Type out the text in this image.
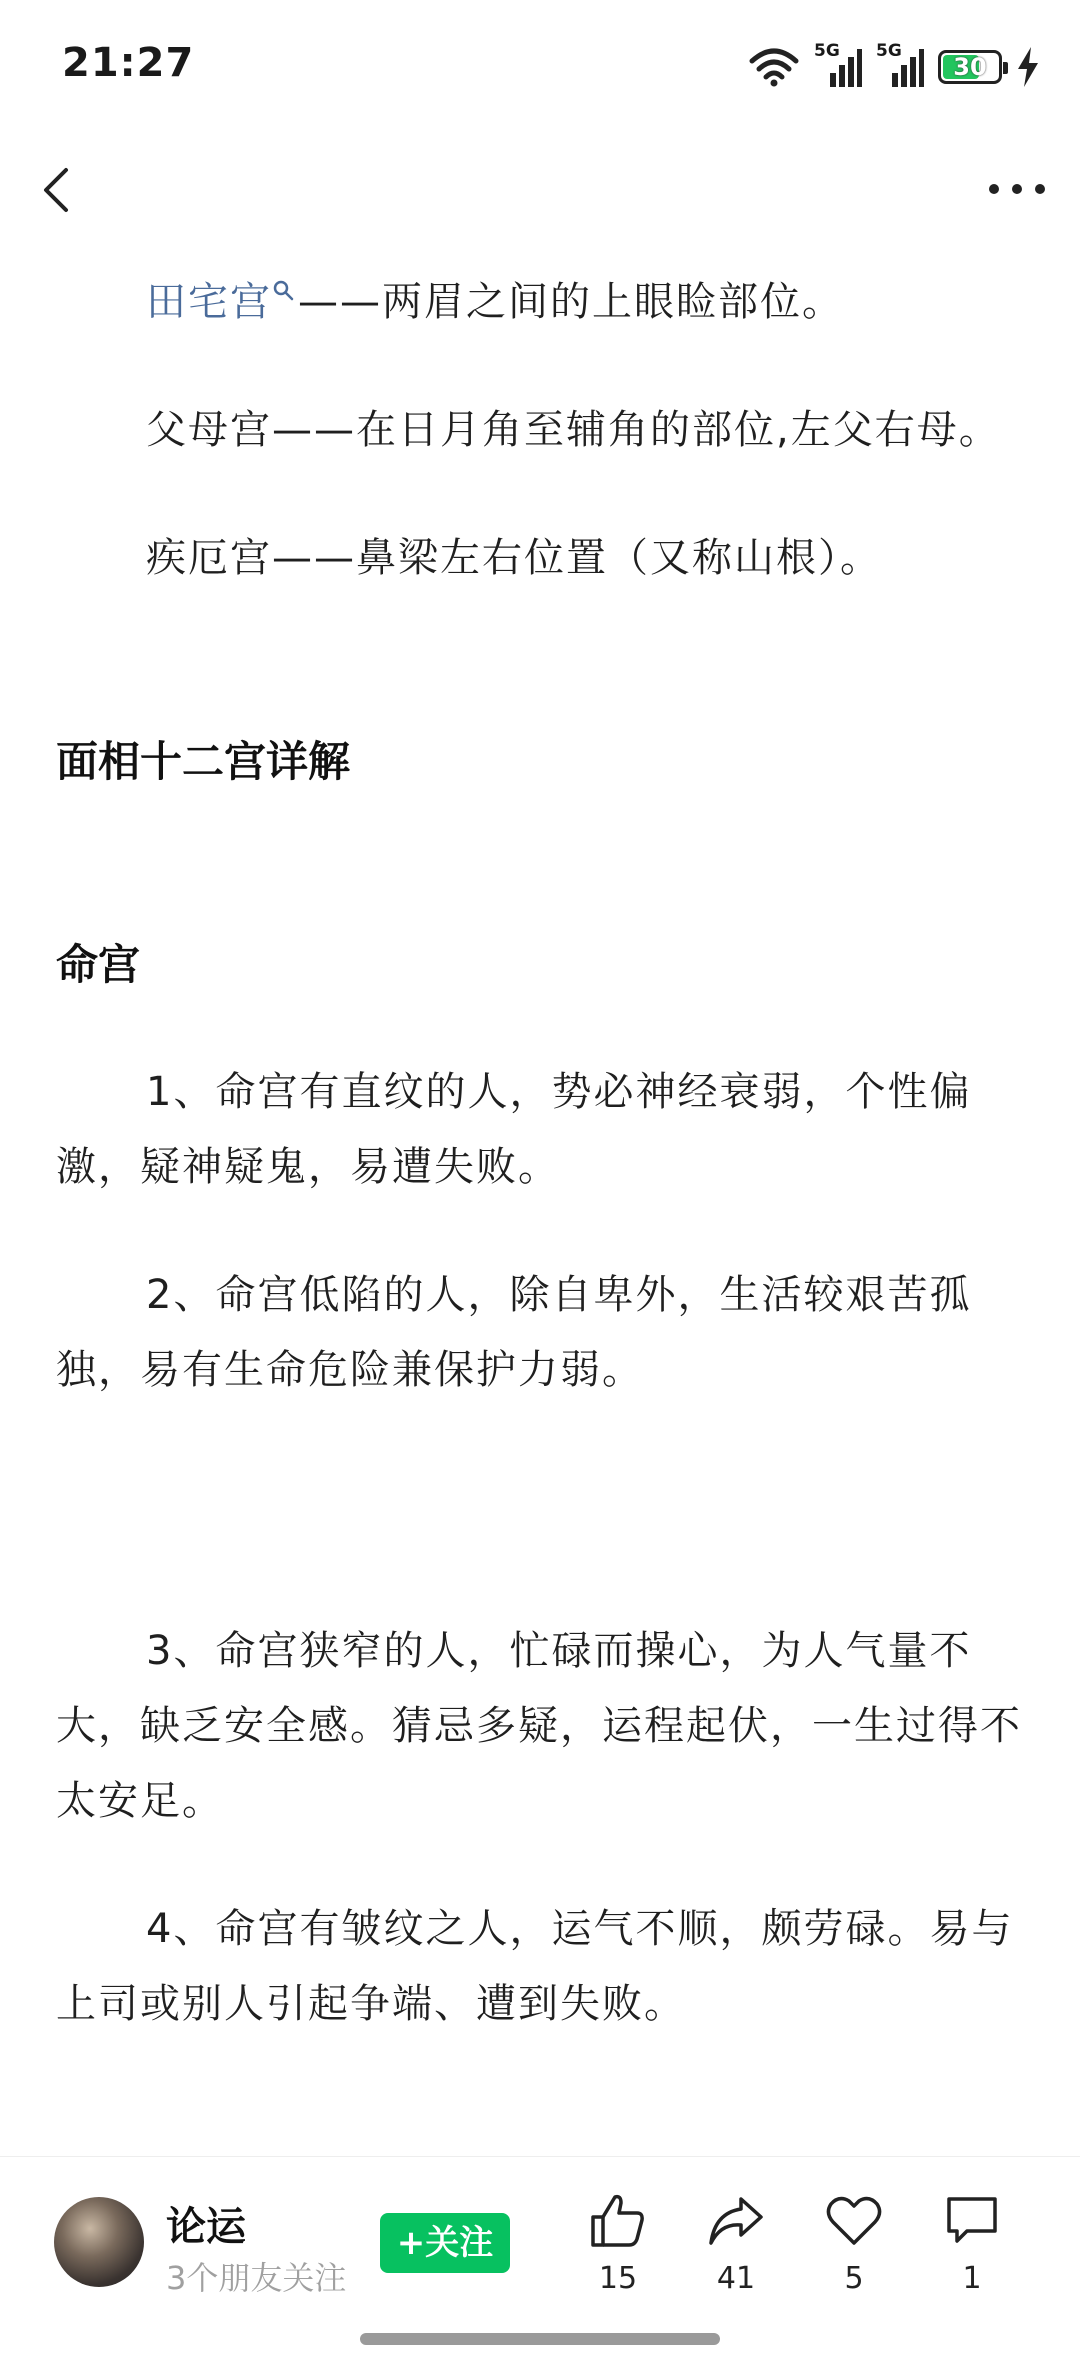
21:27	5G 5G
30

田宅宫 ——两眉之间的上眼睑部位。

父母宫——在日月角至辅角的部位,左父右母。

疾厄宫——鼻梁左右位置（又称山根）。

面相十二宫详解
命宫

1、命宫有直纹的人，势必神经衰弱，个性偏激，疑神疑鬼，易遭失败。

2、命宫低陷的人，除自卑外，生活较艰苦孤独，易有生命危险兼保护力弱。

3、命宫狭窄的人，忙碌而操心，为人气量不大，缺乏安全感。猜忌多疑，运程起伏，一生过得不太安足。

4、命宫有皱纹之人，运气不顺，颇劳碌。易与上司或别人引起争端、遭到失败。

论运
3个朋友关注
+关注
15	41	5	1
